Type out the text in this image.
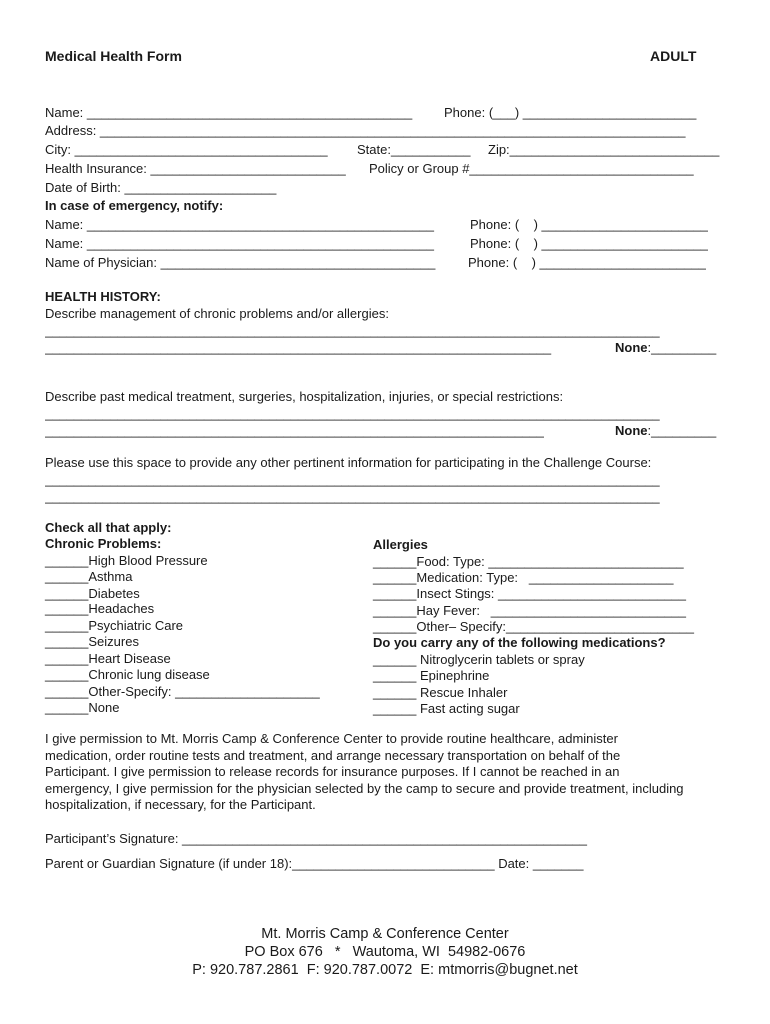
Medical Health Form	ADULT
Name: _____________________________________________ Phone: (___) ________________________
Address: _________________________________________________________________________________
City: ___________________________________ State:___________ Zip:_____________________________
Health Insurance: ___________________________ Policy or Group #_______________________________
Date of Birth: _____________________
In case of emergency, notify:
Name: ________________________________________________	Phone: (    ) _______________________
Name: ________________________________________________	Phone: (    ) _______________________
Name of Physician: ______________________________________	Phone: (    ) _______________________
HEALTH HISTORY:
Describe management of chronic problems and/or allergies:
_____________________________________________________________________________________
______________________________________________________________________	None:_________
Describe past medical treatment, surgeries, hospitalization, injuries, or special restrictions:
_____________________________________________________________________________________
_____________________________________________________________________	None:_________
Please use this space to provide any other pertinent information for participating in the Challenge Course:
_____________________________________________________________________________________
_____________________________________________________________________________________
Check all that apply:
Chronic Problems:
______High Blood Pressure
______Asthma
______Diabetes
______Headaches
______Psychiatric Care
______Seizures
______Heart Disease
______Chronic lung disease
______Other-Specify: ____________________
______None
Allergies
______Food: Type: ___________________________
______Medication: Type:   ____________________
______Insect Stings: __________________________
______Hay Fever:   ___________________________
______Other– Specify:__________________________
Do you carry any of the following medications?
______ Nitroglycerin tablets or spray
______ Epinephrine
______ Rescue Inhaler
______ Fast acting sugar
I give permission to Mt. Morris Camp & Conference Center to provide routine healthcare, administer medication, order routine tests and treatment, and arrange necessary transportation on behalf of the Participant. I give permission to release records for insurance purposes. If I cannot be reached in an emergency, I give permission for the physician selected by the camp to secure and provide treatment, including hospitalization, if necessary, for the Participant.
Participant’s Signature: ________________________________________________________
Parent or Guardian Signature (if under 18):____________________________ Date: _______
Mt. Morris Camp & Conference Center
PO Box 676   *   Wautoma, WI  54982-0676
P: 920.787.2861  F: 920.787.0072  E: mtmorris@bugnet.net
